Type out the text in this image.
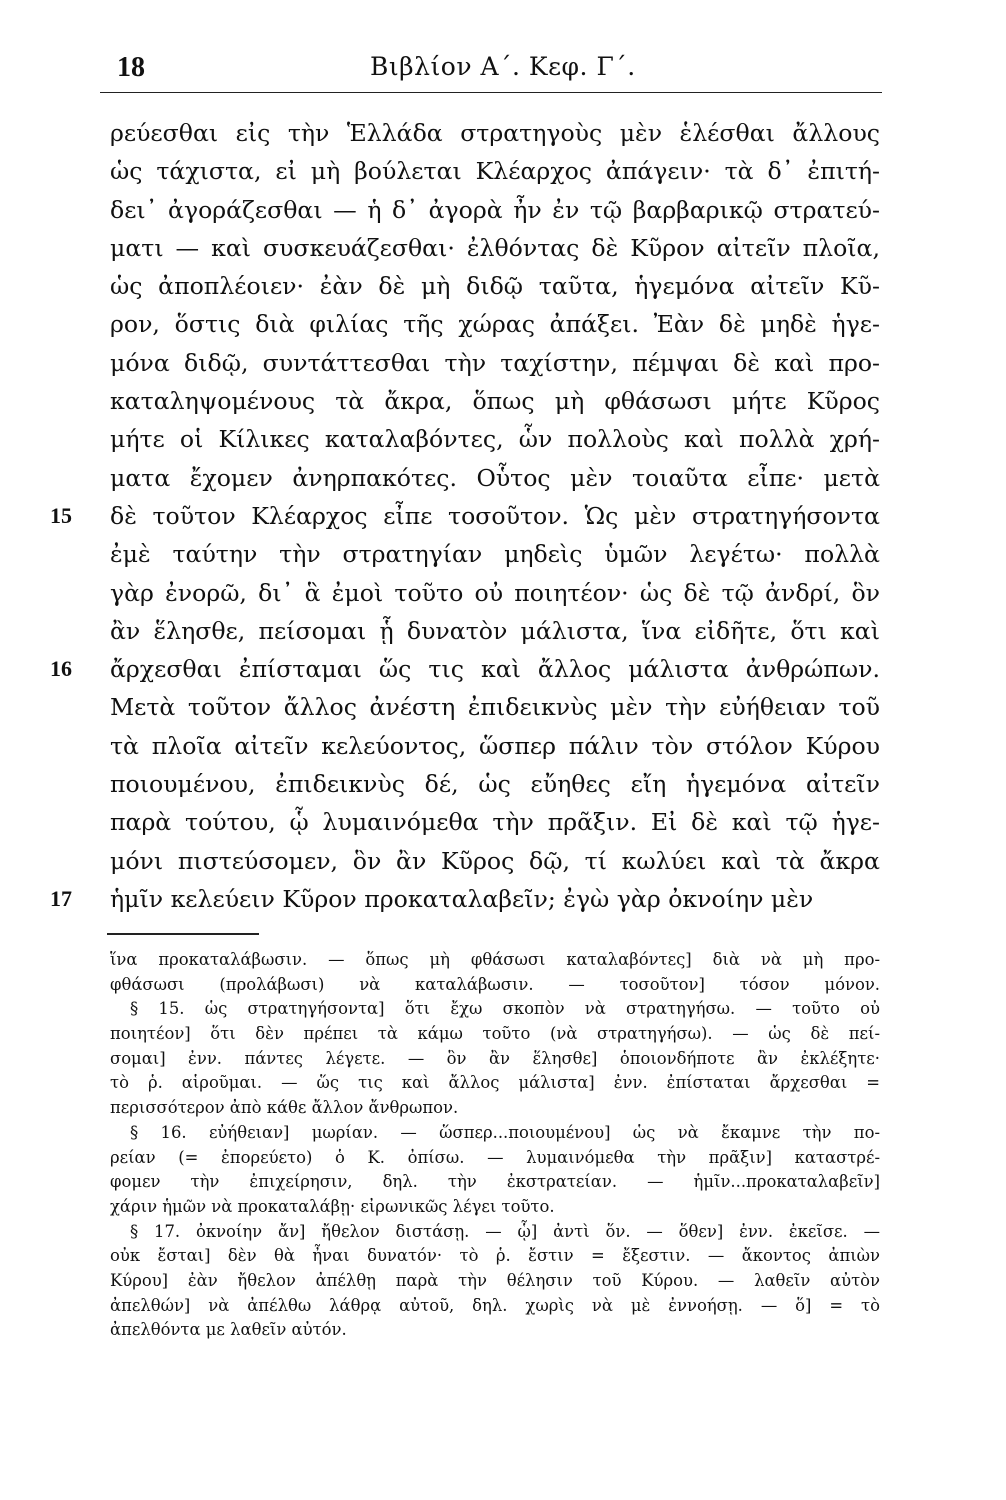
18	Βιβλίον Α΄. Κεφ. Γ΄.
ρεύεσθαι εἰς τὴν Ἑλλάδα στρατηγοὺς μὲν ἑλέσθαι ἄλλους
ὡς τάχιστα, εἰ μὴ βούλεται Κλέαρχος ἀπάγειν· τὰ δ᾽ ἐπιτή-
δει᾽ ἀγοράζεσθαι — ἡ δ᾽ ἀγορὰ ἦν ἐν τῷ βαρβαρικῷ στρατεύ-
ματι — καὶ συσκευάζεσθαι· ἐλθόντας δὲ Κῦρον αἰτεῖν πλοῖα,
ὡς ἀποπλέοιεν· ἐὰν δὲ μὴ διδῷ ταῦτα, ἡγεμόνα αἰτεῖν Κῦ-
ρον, ὅστις διὰ φιλίας τῆς χώρας ἀπάξει. Ἐὰν δὲ μηδὲ ἡγε-
μόνα διδῷ, συντάττεσθαι τὴν ταχίστην, πέμψαι δὲ καὶ προ-
καταληψομένους τὰ ἄκρα, ὅπως μὴ φθάσωσι μήτε Κῦρος
μήτε οἱ Κίλικες καταλαβόντες, ὧν πολλοὺς καὶ πολλὰ χρή-
ματα ἔχομεν ἀνηρπακότες. Οὗτος μὲν τοιαῦτα εἶπε· μετὰ
15	δὲ τοῦτον Κλέαρχος εἶπε τοσοῦτον. Ὡς μὲν στρατηγήσοντα
ἐμὲ ταύτην τὴν στρατηγίαν μηδεὶς ὑμῶν λεγέτω· πολλὰ
γὰρ ἐνορῶ, δι᾽ ἃ ἐμοὶ τοῦτο οὐ ποιητέον· ὡς δὲ τῷ ἀνδρί, ὃν
ἂν ἕλησθε, πείσομαι ᾗ δυνατὸν μάλιστα, ἵνα εἰδῆτε, ὅτι καὶ
16	ἄρχεσθαι ἐπίσταμαι ὥς τις καὶ ἄλλος μάλιστα ἀνθρώπων.
Μετὰ τοῦτον ἄλλος ἀνέστη ἐπιδεικνὺς μὲν τὴν εὐήθειαν τοῦ
τὰ πλοῖα αἰτεῖν κελεύοντος, ὥσπερ πάλιν τὸν στόλον Κύρου
ποιουμένου, ἐπιδεικνὺς δέ, ὡς εὔηθες εἴη ἡγεμόνα αἰτεῖν
παρὰ τούτου, ᾧ λυμαινόμεθα τὴν πρᾶξιν. Εἰ δὲ καὶ τῷ ἡγε-
μόνι πιστεύσομεν, ὃν ἂν Κῦρος δῷ, τί κωλύει καὶ τὰ ἄκρα
17	ἡμῖν κελεύειν Κῦρον προκαταλαβεῖν; ἐγὼ γὰρ ὀκνοίην μὲν
ἵνα προκαταλάβωσιν. — ὅπως μὴ φθάσωσι καταλαβόντες] διὰ νὰ μὴ προ-
φθάσωσι (προλάβωσι) νὰ καταλάβωσιν. — τοσοῦτον] τόσον μόνον.
§ 15. ὡς στρατηγήσοντα] ὅτι ἔχω σκοπὸν νὰ στρατηγήσω. — τοῦτο οὐ
ποιητέον] ὅτι δὲν πρέπει τὰ κάμω τοῦτο (νὰ στρατηγήσω). — ὡς δὲ πεί-
σομαι] ἐνν. πάντες λέγετε. — ὃν ἂν ἕλησθε] ὁποιονδήποτε ἂν ἐκλέξητε·
τὸ ῥ. αἱροῦμαι. — ὥς τις καὶ ἄλλος μάλιστα] ἐνν. ἐπίσταται ἄρχεσθαι =
περισσότερον ἀπὸ κάθε ἄλλον ἄνθρωπον.
§ 16. εὐήθειαν] μωρίαν. — ὥσπερ...ποιουμένου] ὡς νὰ ἔκαμνε τὴν πο-
ρείαν (= ἐπορεύετο) ὁ Κ. ὀπίσω. — λυμαινόμεθα τὴν πρᾶξιν] καταστρέ-
φομεν τὴν ἐπιχείρησιν, δηλ. τὴν ἐκστρατείαν. — ἡμῖν...προκαταλαβεῖν]
χάριν ἡμῶν νὰ προκαταλάβῃ· εἰρωνικῶς λέγει τοῦτο.
§ 17. ὀκνοίην ἄν] ἤθελον διστάσῃ. — ᾧ] ἀντὶ ὅν. — ὅθεν] ἐνν. ἐκεῖσε. —
οὐκ ἔσται] δὲν θὰ ἦναι δυνατόν· τὸ ῥ. ἔστιν = ἔξεστιν. — ἄκοντος ἀπιὼν
Κύρου] ἐὰν ἤθελον ἀπέλθῃ παρὰ τὴν θέλησιν τοῦ Κύρου. — λαθεῖν αὐτὸν
ἀπελθών] νὰ ἀπέλθω λάθρᾳ αὐτοῦ, δηλ. χωρὶς νὰ μὲ ἐννοήσῃ. — ὅ] = τὸ
ἀπελθόντα με λαθεῖν αὐτόν.
